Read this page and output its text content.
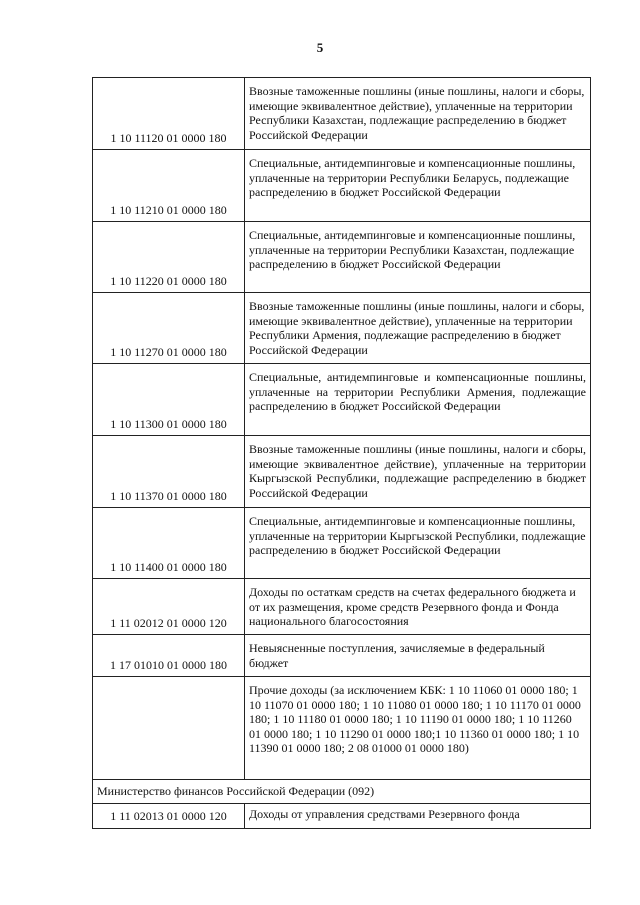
5
1 10 11120 01 0000 180	Ввозные таможенные пошлины (иные пошлины, налоги и сборы, имеющие эквивалентное действие), уплаченные на территории Республики Казахстан, подлежащие распределению в бюджет Российской Федерации
1 10 11210 01 0000 180	Специальные, антидемпинговые и компенсационные пошлины, уплаченные на территории Республики Беларусь, подлежащие распределению в бюджет Российской Федерации
1 10 11220 01 0000 180	Специальные, антидемпинговые и компенсационные пошлины, уплаченные на территории Республики Казахстан, подлежащие распределению в бюджет Российской Федерации
1 10 11270 01 0000 180	Ввозные таможенные пошлины (иные пошлины, налоги и сборы, имеющие эквивалентное действие), уплаченные на территории Республики Армения, подлежащие распределению в бюджет Российской Федерации
1 10 11300 01 0000 180	Специальные, антидемпинговые и компенсационные пошлины, уплаченные на территории Республики Армения, подлежащие распределению в бюджет Российской Федерации
1 10 11370 01 0000 180	Ввозные таможенные пошлины (иные пошлины, налоги и сборы, имеющие эквивалентное действие), уплаченные на территории Кыргызской Республики, подлежащие распределению в бюджет Российской Федерации
1 10 11400 01 0000 180	Специальные, антидемпинговые и компенсационные пошлины, уплаченные на территории Кыргызской Республики, подлежащие распределению в бюджет Российской Федерации
1 11 02012 01 0000 120	Доходы по остаткам средств на счетах федерального бюджета и от их размещения, кроме средств Резервного фонда и Фонда национального благосостояния
1 17 01010 01 0000 180	Невыясненные поступления, зачисляемые в федеральный бюджет
	Прочие доходы (за исключением КБК: 1 10 11060 01 0000 180; 1 10 11070 01 0000 180; 1 10 11080 01 0000 180; 1 10 11170 01 0000 180; 1 10 11180 01 0000 180; 1 10 11190 01 0000 180; 1 10 11260 01 0000 180; 1 10 11290 01 0000 180;1 10 11360 01 0000 180; 1 10 11390 01 0000 180; 2 08 01000 01 0000 180)
Министерство финансов Российской Федерации (092)	
1 11 02013 01 0000 120	Доходы от управления средствами Резервного фонда
